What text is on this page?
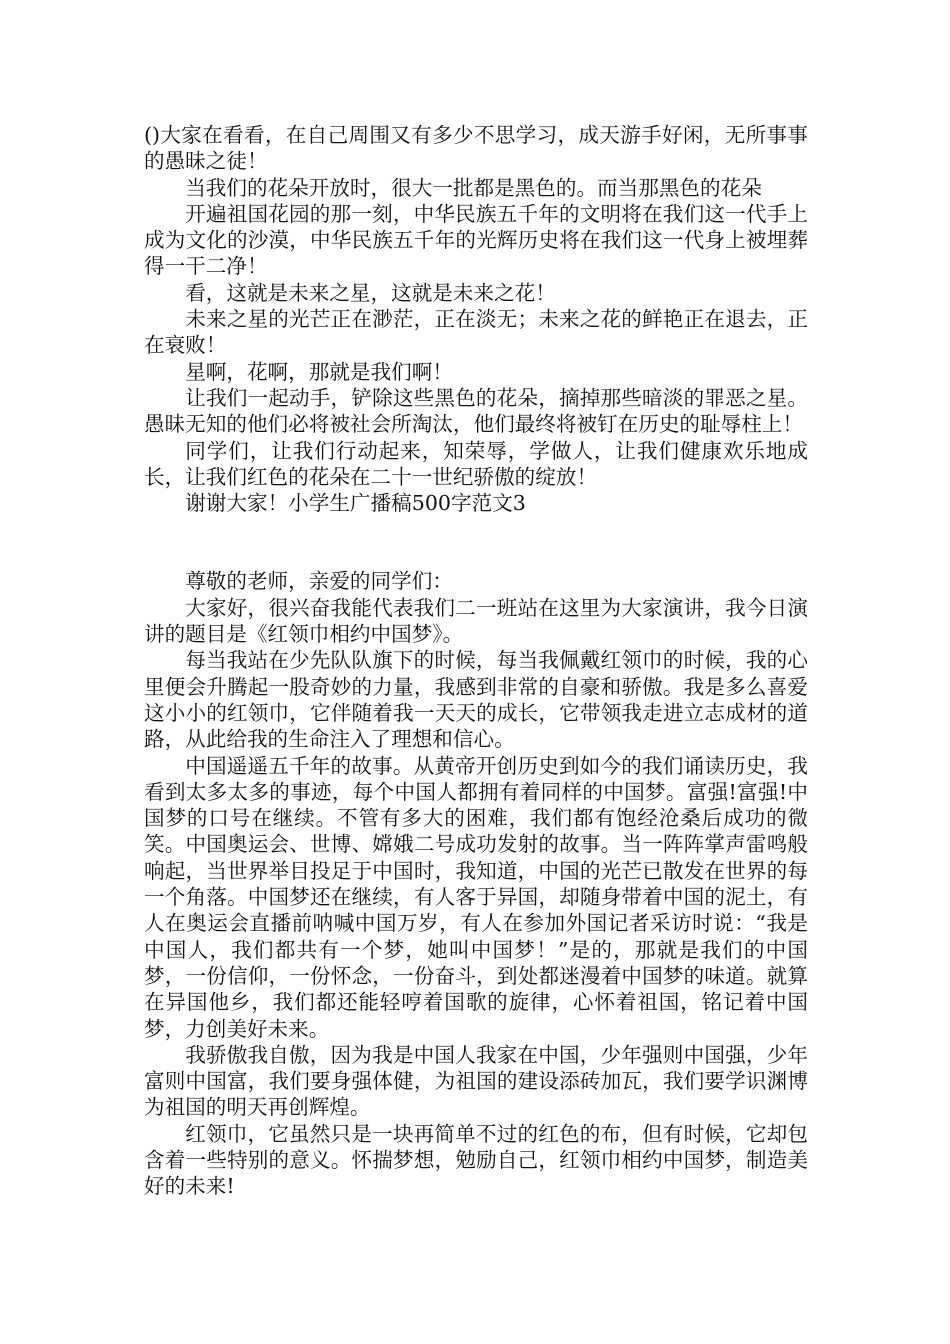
()大家在看看，在自己周围又有多少不思学习，成天游手好闲，无所事事的愚昧之徒！

当我们的花朵开放时，很大一批都是黑色的。而当那黑色的花朵

开遍祖国花园的那一刻，中华民族五千年的文明将在我们这一代手上成为文化的沙漠，中华民族五千年的光辉历史将在我们这一代身上被埋葬得一干二净！

看，这就是未来之星，这就是未来之花！

未来之星的光芒正在渺茫，正在淡无；未来之花的鲜艳正在退去，正在衰败！

星啊，花啊，那就是我们啊！

让我们一起动手，铲除这些黑色的花朵，摘掉那些暗淡的罪恶之星。愚昧无知的他们必将被社会所淘汰，他们最终将被钉在历史的耻辱柱上！

同学们，让我们行动起来，知荣辱，学做人，让我们健康欢乐地成长，让我们红色的花朵在二十一世纪骄傲的绽放！

谢谢大家！小学生广播稿500字范文3

尊敬的老师，亲爱的同学们：

大家好，很兴奋我能代表我们二一班站在这里为大家演讲，我今日演讲的题目是《红领巾相约中国梦》。

每当我站在少先队队旗下的时候，每当我佩戴红领巾的时候，我的心里便会升腾起一股奇妙的力量，我感到非常的自豪和骄傲。我是多么喜爱这小小的红领巾，它伴随着我一天天的成长，它带领我走进立志成材的道路，从此给我的生命注入了理想和信心。

中国遥遥五千年的故事。从黄帝开创历史到如今的我们诵读历史，我看到太多太多的事迹，每个中国人都拥有着同样的中国梦。富强!富强!中国梦的口号在继续。不管有多大的困难，我们都有饱经沧桑后成功的微笑。中国奥运会、世博、嫦娥二号成功发射的故事。当一阵阵掌声雷鸣般响起，当世界举目投足于中国时，我知道，中国的光芒已散发在世界的每一个角落。中国梦还在继续，有人客于异国，却随身带着中国的泥土，有人在奥运会直播前呐喊中国万岁，有人在参加外国记者采访时说：“我是中国人，我们都共有一个梦，她叫中国梦！”是的，那就是我们的中国梦，一份信仰，一份怀念，一份奋斗，到处都迷漫着中国梦的味道。就算在异国他乡，我们都还能轻哼着国歌的旋律，心怀着祖国，铭记着中国梦，力创美好未来。

我骄傲我自傲，因为我是中国人我家在中国，少年强则中国强，少年富则中国富，我们要身强体健，为祖国的建设添砖加瓦，我们要学识渊博为祖国的明天再创辉煌。

红领巾，它虽然只是一块再简单不过的红色的布，但有时候，它却包含着一些特别的意义。怀揣梦想，勉励自己，红领巾相约中国梦，制造美好的未来!
